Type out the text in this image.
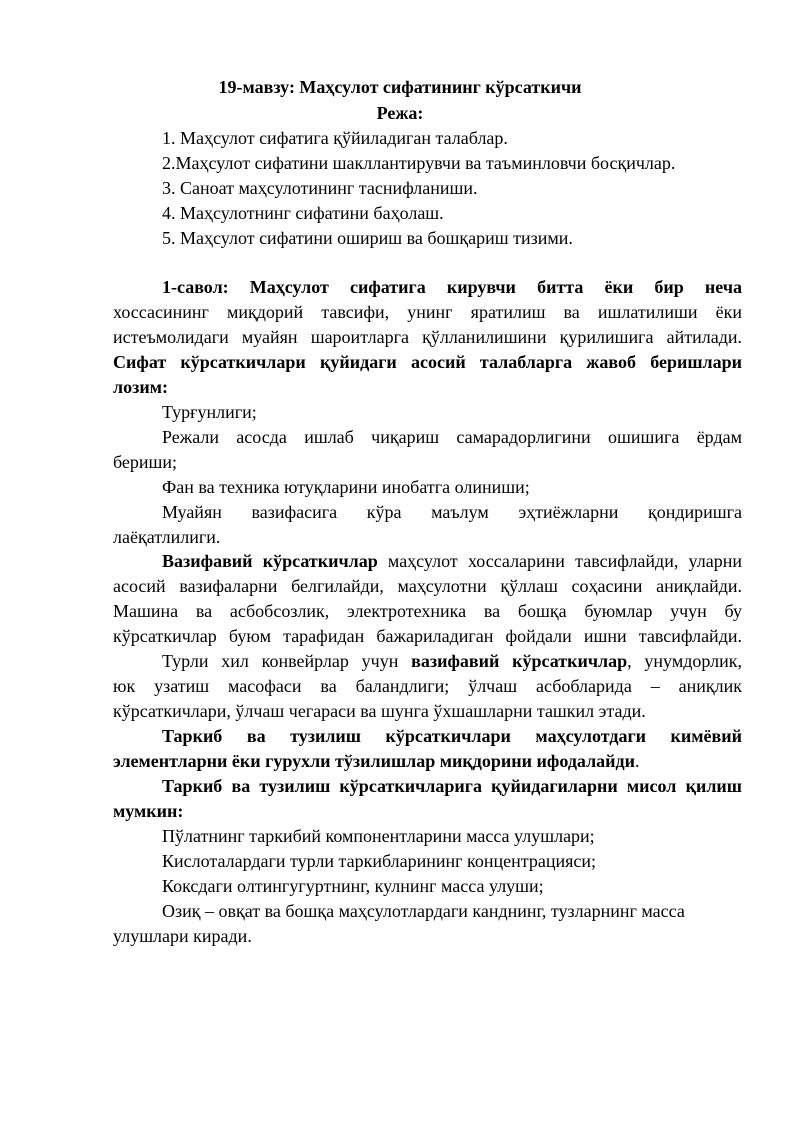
19-мавзу: Маҳсулот сифатининг кўрсаткичи
Режа:
1. Маҳсулот сифатига қўйиладиган талаблар.
2.Маҳсулот сифатини шакллантирувчи ва таъминловчи босқичлар.
3. Саноат маҳсулотининг таснифланиши.
4. Маҳсулотнинг сифатини баҳолаш.
5. Маҳсулот сифатини ошириш ва бошқариш тизими.
1-савол: Маҳсулот сифатига кирувчи битта ёки бир неча
хоссасининг миқдорий тавсифи, унинг яратилиш ва ишлатилиши ёки
истеъмолидаги муайян шароитларга қўлланилишини қурилишига айтилади.
Сифат кўрсаткичлари қуйидаги асосий талабларга жавоб беришлари
лозим:
Турғунлиги;
Режали асосда ишлаб чиқариш самарадорлигини ошишига ёрдам
бериши;
Фан ва техника ютуқларини инобатга олиниши;
Муайян вазифасига кўра маълум эҳтиёжларни қондиришга
лаёқатлилиги.
Вазифавий кўрсаткичлар маҳсулот хоссаларини тавсифлайди, уларни
асосий вазифаларни белгилайди, маҳсулотни қўллаш соҳасини аниқлайди.
Машина ва асбобсозлик, электротехника ва бошқа буюмлар учун бу
кўрсаткичлар буюм тарафидан бажариладиган фойдали ишни тавсифлайди.
Турли хил конвейрлар учун вазифавий кўрсаткичлар, унумдорлик,
юк узатиш масофаси ва баландлиги; ўлчаш асбобларида – аниқлик
кўрсаткичлари, ўлчаш чегараси ва шунга ўхшашларни ташкил этади.
Таркиб ва тузилиш кўрсаткичлари маҳсулотдаги кимёвий
элементларни ёки гурухли тўзилишлар миқдорини ифодалайди.
Таркиб ва тузилиш кўрсаткичларига қуйидагиларни мисол қилиш
мумкин:
Пўлатнинг таркибий компонентларини масса улушлари;
Кислоталардаги турли таркибларининг концентрацияси;
Коксдаги олтингугуртнинг, кулнинг масса улуши;
Озиқ – овқат ва бошқа маҳсулотлардаги канднинг, тузларнинг масса
улушлари киради.
